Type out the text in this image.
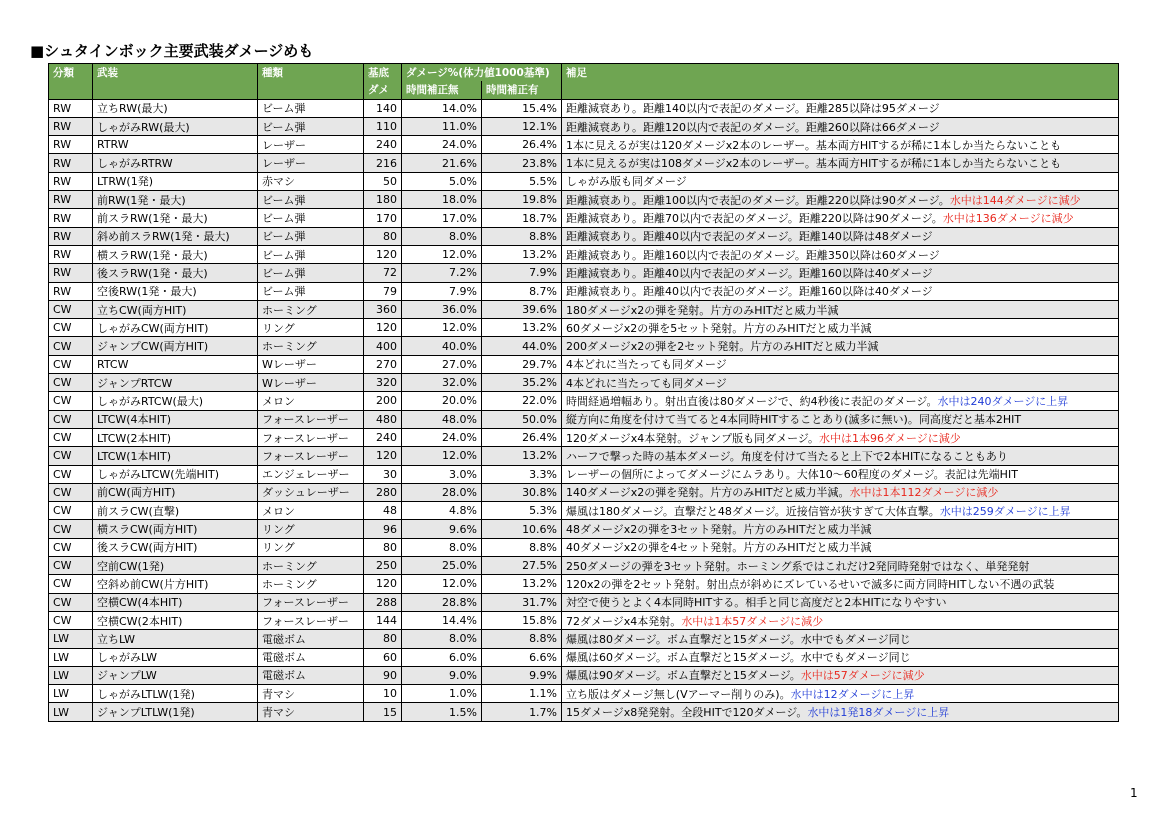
■シュタインボック主要武装ダメージめも
分類	武装	種類	基底	ダメージ%(体力値1000基準)		補足
			ダメ	時間補正無	時間補正有	
RW	立ちRW(最大)	ビーム弾	140	14.0%	15.4%	距離減衰あり。距離140以内で表記のダメージ。距離285以降は95ダメージ
RW	しゃがみRW(最大)	ビーム弾	110	11.0%	12.1%	距離減衰あり。距離120以内で表記のダメージ。距離260以降は66ダメージ
RW	RTRW	レーザー	240	24.0%	26.4%	1本に見えるが実は120ダメージx2本のレーザー。基本両方HITするが稀に1本しか当たらないことも
RW	しゃがみRTRW	レーザー	216	21.6%	23.8%	1本に見えるが実は108ダメージx2本のレーザー。基本両方HITするが稀に1本しか当たらないことも
RW	LTRW(1発)	赤マシ	50	5.0%	5.5%	しゃがみ版も同ダメージ
RW	前RW(1発・最大)	ビーム弾	180	18.0%	19.8%	距離減衰あり。距離100以内で表記のダメージ。距離220以降は90ダメージ。水中は144ダメージに減少
RW	前スラRW(1発・最大)	ビーム弾	170	17.0%	18.7%	距離減衰あり。距離70以内で表記のダメージ。距離220以降は90ダメージ。水中は136ダメージに減少
RW	斜め前スラRW(1発・最大)	ビーム弾	80	8.0%	8.8%	距離減衰あり。距離40以内で表記のダメージ。距離140以降は48ダメージ
RW	横スラRW(1発・最大)	ビーム弾	120	12.0%	13.2%	距離減衰あり。距離160以内で表記のダメージ。距離350以降は60ダメージ
RW	後スラRW(1発・最大)	ビーム弾	72	7.2%	7.9%	距離減衰あり。距離40以内で表記のダメージ。距離160以降は40ダメージ
RW	空後RW(1発・最大)	ビーム弾	79	7.9%	8.7%	距離減衰あり。距離40以内で表記のダメージ。距離160以降は40ダメージ
CW	立ちCW(両方HIT)	ホーミング	360	36.0%	39.6%	180ダメージx2の弾を発射。片方のみHITだと威力半減
CW	しゃがみCW(両方HIT)	リング	120	12.0%	13.2%	60ダメージx2の弾を5セット発射。片方のみHITだと威力半減
CW	ジャンプCW(両方HIT)	ホーミング	400	40.0%	44.0%	200ダメージx2の弾を2セット発射。片方のみHITだと威力半減
CW	RTCW	Wレーザー	270	27.0%	29.7%	4本どれに当たっても同ダメージ
CW	ジャンプRTCW	Wレーザー	320	32.0%	35.2%	4本どれに当たっても同ダメージ
CW	しゃがみRTCW(最大)	メロン	200	20.0%	22.0%	時間経過増幅あり。射出直後は80ダメージで、約4秒後に表記のダメージ。水中は240ダメージに上昇
CW	LTCW(4本HIT)	フォースレーザー	480	48.0%	50.0%	縦方向に角度を付けて当てると4本同時HITすることあり(滅多に無い)。同高度だと基本2HIT
CW	LTCW(2本HIT)	フォースレーザー	240	24.0%	26.4%	120ダメージx4本発射。ジャンプ版も同ダメージ。水中は1本96ダメージに減少
CW	LTCW(1本HIT)	フォースレーザー	120	12.0%	13.2%	ハーフで撃った時の基本ダメージ。角度を付けて当たると上下で2本HITになることもあり
CW	しゃがみLTCW(先端HIT)	エンジェレーザー	30	3.0%	3.3%	レーザーの個所によってダメージにムラあり。大体10～60程度のダメージ。表記は先端HIT
CW	前CW(両方HIT)	ダッシュレーザー	280	28.0%	30.8%	140ダメージx2の弾を発射。片方のみHITだと威力半減。水中は1本112ダメージに減少
CW	前スラCW(直撃)	メロン	48	4.8%	5.3%	爆風は180ダメージ。直撃だと48ダメージ。近接信管が狭すぎて大体直撃。水中は259ダメージに上昇
CW	横スラCW(両方HIT)	リング	96	9.6%	10.6%	48ダメージx2の弾を3セット発射。片方のみHITだと威力半減
CW	後スラCW(両方HIT)	リング	80	8.0%	8.8%	40ダメージx2の弾を4セット発射。片方のみHITだと威力半減
CW	空前CW(1発)	ホーミング	250	25.0%	27.5%	250ダメージの弾を3セット発射。ホーミング系ではこれだけ2発同時発射ではなく、単発発射
CW	空斜め前CW(片方HIT)	ホーミング	120	12.0%	13.2%	120x2の弾を2セット発射。射出点が斜めにズレているせいで滅多に両方同時HITしない不遇の武装
CW	空横CW(4本HIT)	フォースレーザー	288	28.8%	31.7%	対空で使うとよく4本同時HITする。相手と同じ高度だと2本HITになりやすい
CW	空横CW(2本HIT)	フォースレーザー	144	14.4%	15.8%	72ダメージx4本発射。水中は1本57ダメージに減少
LW	立ちLW	電磁ボム	80	8.0%	8.8%	爆風は80ダメージ。ボム直撃だと15ダメージ。水中でもダメージ同じ
LW	しゃがみLW	電磁ボム	60	6.0%	6.6%	爆風は60ダメージ。ボム直撃だと15ダメージ。水中でもダメージ同じ
LW	ジャンプLW	電磁ボム	90	9.0%	9.9%	爆風は90ダメージ。ボム直撃だと15ダメージ。水中は57ダメージに減少
LW	しゃがみLTLW(1発)	青マシ	10	1.0%	1.1%	立ち版はダメージ無し(Vアーマー削りのみ)。水中は12ダメージに上昇
LW	ジャンプLTLW(1発)	青マシ	15	1.5%	1.7%	15ダメージx8発発射。全段HITで120ダメージ。水中は1発18ダメージに上昇
1
